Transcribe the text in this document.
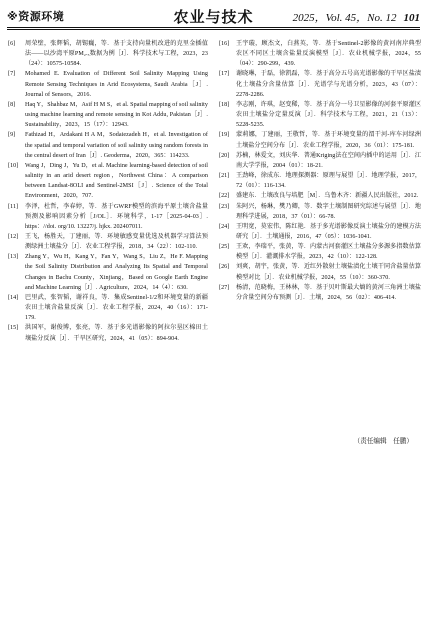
※资源环境	农业与技术	2025，Vol. 45，No. 12 101
[6] 周荣壁，张辉韬，胡锡巍，等．基于支持向量机改进的克里金插值法——以沙湾平原PM₂.₅数据为例［J］．科学技术与工程，2023，23（24）：10575-10584.
[7] Mohamed E. Evaluation of Different Soil Salinity Mapping Using Remote Sensing Techniques in Arid Ecosystems, Saudi Arabia［J］. Journal of Sensors，2016.
[8] Haq Y，Shahbaz M，Asif H M S，et al. Spatial mapping of soil salinity using machine learning and remote sensing in Kot Addu, Pakistan［J］. Sustainability，2023，15（17）：12943.
[9] Fathizad H，Ardakani H A M，Sodaiezadeh H，et al. Investigation of the spatial and temporal variation of soil salinity using random forests in the central desert of Iran［J］. Geoderma，2020，365：114233.
[10] Wang J，Ding J，Yu D，et al. Machine learning-based detection of soil salinity in an arid desert region，Northwest China：A comparison between Landsat-8OLI and Sentinel-2MSI［J］. Science of the Total Environment，2020，707.
[11] 李泽，杜哲，李春婷，等．基于GWRF模型的滨海平原土壤含盐量预测及影响因素分析［J/OL］．环境科学，1-17［2025-04-03］. https：//doi. org/10. 13227/j. hjkx. 202407011.
[12] 王飞，杨胜天，丁建丽，等．环境敏感变量优选及机器学习算法预测绿洲土壤盐分［J］．农业工程学报，2018，34（22）：102-110.
[13] Zhang Y，Wu H，Kang Y，Fan Y，Wang S，Liu Z，He F. Mapping the Soil Salinity Distribution and Analyzing Its Spatial and Temporal Changes in Bachu County，Xinjiang，Based on Google Earth Engine and Machine Learning［J］. Agriculture，2024，14（4）：630.
[14] 巴里武，张智韬，谢祥良，等．集成Sentinel-1/2和环境变量的新疆农田土壤含盐量反演［J］．农业工程学报，2024，40（16）：171-179.
[15] 洪国军，谢俊博，张亮，等．基于多光谱影像的阿拉尔垦区棉田土壤盐分反演［J］．干旱区研究，2024，41（05）：894-904.
[16] 王宇璇，顾杰文，白燕英，等．基于Sentinel-2影像的黄河南岸典型农区不同区土壤含盐量反演模型［J］．农业机械学报，2024，55（04）：290-299，439.
[17] 谢晓琳，于磊，徐凯磊，等．基于高分五号高光谱影像的干旱区盐渍化土壤盐分含量估算［J］．光谱学与光谱分析，2023，43（07）：2278-2286.
[18] 李志刚，许琪，赵变稀，等．基于高分一号卫星影像的河套平原灌区农田土壤盐分定量反演［J］．科学技术与工程，2021，21（13）：5228-5235.
[19] 蒙莉娜，丁建丽，王敬哲，等．基于环境变量的渭干河-库车河绿洲土壤盐分空间分布［J］．农业工程学报，2020，36（01）：175-181.
[20] 苏楠，林爱文，刘庆华．普通Kriging法在空间内插中的运用［J］．江南大学学报，2004（01）：18-21.
[21] 王劲峰，徐成东．地理探测器：原理与展望［J］．地理学报，2017，72（01）：116-134.
[22] 盛建东．土壤改良与培肥［M］．乌鲁木齐：新疆人民出版社，2012.
[23] 朱阿兴，杨琳，樊乃卿，等．数字土壤制图研究综述与展望［J］．地理科学进展，2018，37（01）：66-78.
[24] 王明宽，莫宏伟，陈红艳．基于多光谱影像反演土壤盐分的建模方法研究［J］．土壤通报，2016，47（05）：1036-1041.
[25] 王欢，李瑞平，张黄，等．内蒙古河套灌区土壤盐分多源多指数估算模型［J］．灌溉排水学报，2023，42（10）：122-128.
[26] 刘爽，胡宇，张黄，等．近红外散射土壤盐渍化土壤干同含盐量估算模型对比［J］．农业机械学报，2024，55（10）：360-370.
[27] 杨清，范晓梅，王林林，等．基于贝叶斯最大熵的黄河三角洲土壤盐分含量空间分布预测［J］．土壤，2024，56（02）：406-414.
（责任编辑　任鹏）
